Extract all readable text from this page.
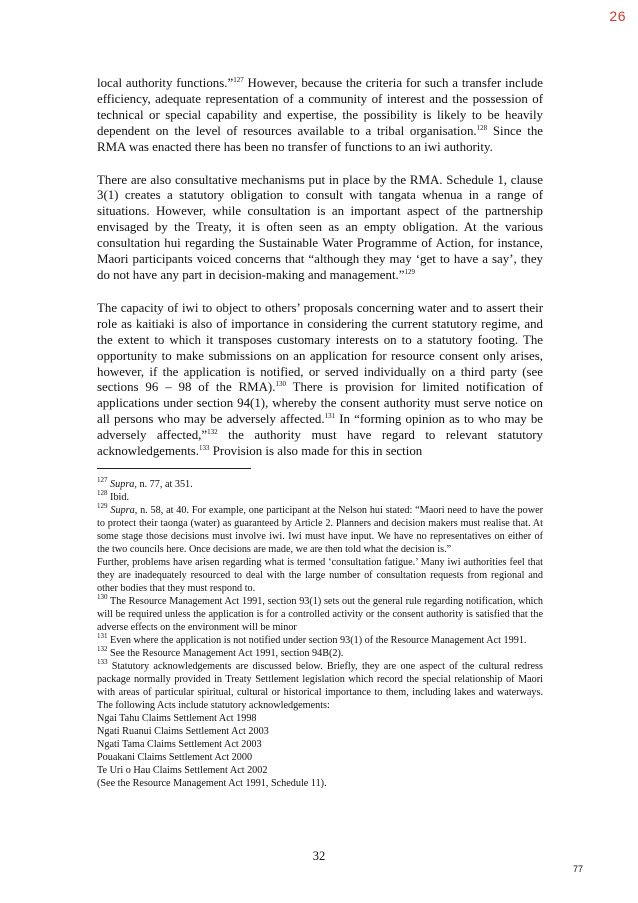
26

local authority functions.”$^{127}$ However, because the criteria for such a transfer include efficiency, adequate representation of a community of interest and the possession of technical or special capability and expertise, the possibility is likely to be heavily dependent on the level of resources available to a tribal organisation.$^{128}$ Since the RMA was enacted there has been no transfer of functions to an iwi authority.

There are also consultative mechanisms put in place by the RMA. Schedule 1, clause 3(1) creates a statutory obligation to consult with tangata whenua in a range of situations. However, while consultation is an important aspect of the partnership envisaged by the Treaty, it is often seen as an empty obligation. At the various consultation hui regarding the Sustainable Water Programme of Action, for instance, Maori participants voiced concerns that “although they may ‘get to have a say’, they do not have any part in decision-making and management.”$^{129}$

The capacity of iwi to object to others’ proposals concerning water and to assert their role as kaitiaki is also of importance in considering the current statutory regime, and the extent to which it transposes customary interests on to a statutory footing. The opportunity to make submissions on an application for resource consent only arises, however, if the application is notified, or served individually on a third party (see sections 96 – 98 of the RMA).$^{130}$ There is provision for limited notification of applications under section 94(1), whereby the consent authority must serve notice on all persons who may be adversely affected.$^{131}$ In “forming opinion as to who may be adversely affected,”$^{132}$ the authority must have regard to relevant statutory acknowledgements.$^{133}$ Provision is also made for this in section

$^{127}$ Supra, n. 77, at 351.

$^{128}$ Ibid.

$^{129}$ Supra, n. 58, at 40. For example, one participant at the Nelson hui stated: “Maori need to have the power to protect their taonga (water) as guaranteed by Article 2. Planners and decision makers must realise that. At some stage those decisions must involve iwi. Iwi must have input. We have no representatives on either of the two councils here. Once decisions are made, we are then told what the decision is.”

Further, problems have arisen regarding what is termed ‘consultation fatigue.’ Many iwi authorities feel that they are inadequately resourced to deal with the large number of consultation requests from regional and other bodies that they must respond to.

$^{130}$ The Resource Management Act 1991, section 93(1) sets out the general rule regarding notification, which will be required unless the application is for a controlled activity or the consent authority is satisfied that the adverse effects on the environment will be minor

$^{131}$ Even where the application is not notified under section 93(1) of the Resource Management Act 1991.

$^{132}$ See the Resource Management Act 1991, section 94B(2).

$^{133}$ Statutory acknowledgements are discussed below. Briefly, they are one aspect of the cultural redress package normally provided in Treaty Settlement legislation which record the special relationship of Maori with areas of particular spiritual, cultural or historical importance to them, including lakes and waterways. The following Acts include statutory acknowledgements:

Ngai Tahu Claims Settlement Act 1998
Ngati Ruanui Claims Settlement Act 2003
Ngati Tama Claims Settlement Act 2003
Pouakani Claims Settlement Act 2000
Te Uri o Hau Claims Settlement Act 2002
(See the Resource Management Act 1991, Schedule 11).
32
77
